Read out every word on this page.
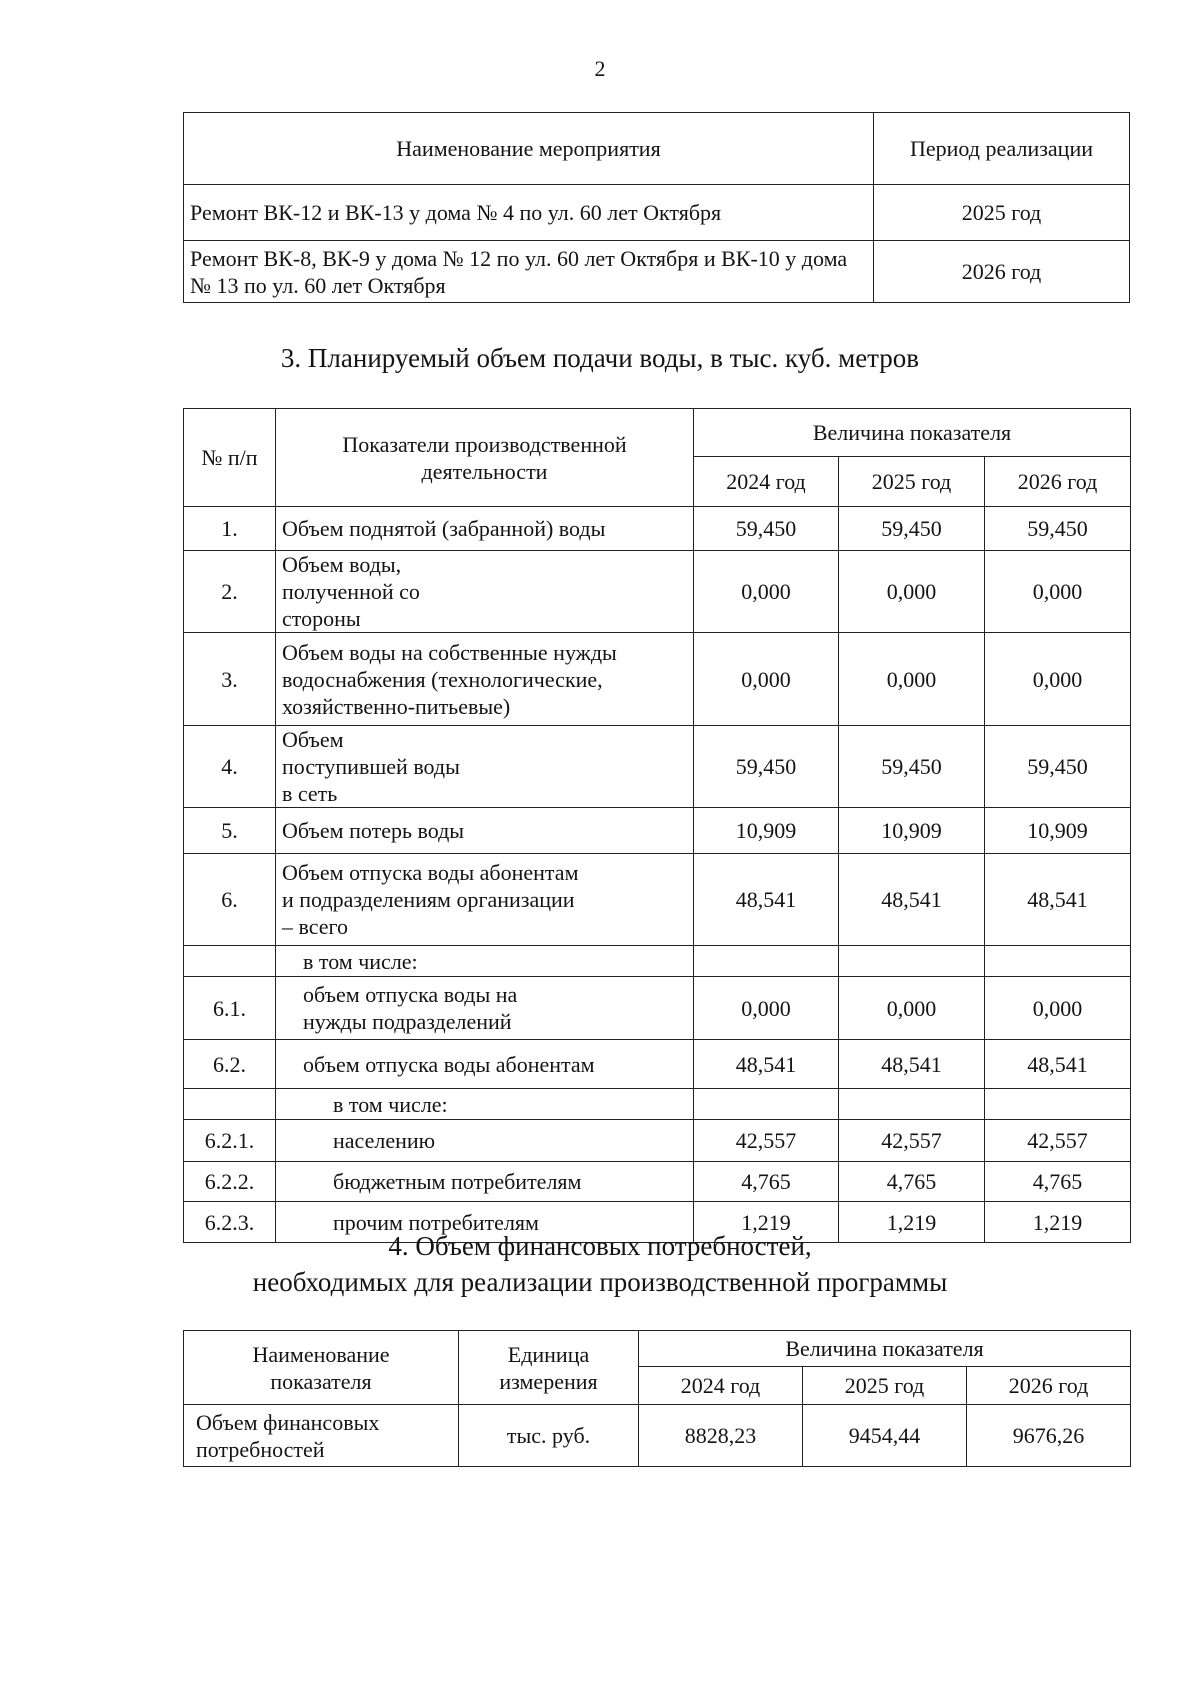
2
Наименование мероприятия	Период реализации
Ремонт ВК-12 и ВК-13 у дома № 4 по ул. 60 лет Октября	2025 год
Ремонт ВК-8, ВК-9 у дома № 12 по ул. 60 лет Октября и ВК-10 у дома № 13 по ул. 60 лет Октября	2026 год
3. Планируемый объем подачи воды, в тыс. куб. метров
№ п/п	Показатели производственной деятельности	Величина показателя		
		2024 год	2025 год	2026 год
1.	Объем поднятой (забранной) воды	59,450	59,450	59,450
2.	Объем воды, полученной со стороны	0,000	0,000	0,000
3.	Объем воды на собственные нужды водоснабжения (технологические, хозяйственно-питьевые)	0,000	0,000	0,000
4.	Объем поступившей воды в сеть	59,450	59,450	59,450
5.	Объем потерь воды	10,909	10,909	10,909
6.	Объем отпуска воды абонентам и подразделениям организации – всего	48,541	48,541	48,541
	в том числе:			
6.1.	объем отпуска воды на нужды подразделений	0,000	0,000	0,000
6.2.	объем отпуска воды абонентам	48,541	48,541	48,541
	в том числе:			
6.2.1.	населению	42,557	42,557	42,557
6.2.2.	бюджетным потребителям	4,765	4,765	4,765
6.2.3.	прочим потребителям	1,219	1,219	1,219
4. Объем финансовых потребностей,
необходимых для реализации производственной программы
Наименование показателя	Единица измерения	Величина показателя		
		2024 год	2025 год	2026 год
Объем финансовых потребностей	тыс. руб.	8828,23	9454,44	9676,26
